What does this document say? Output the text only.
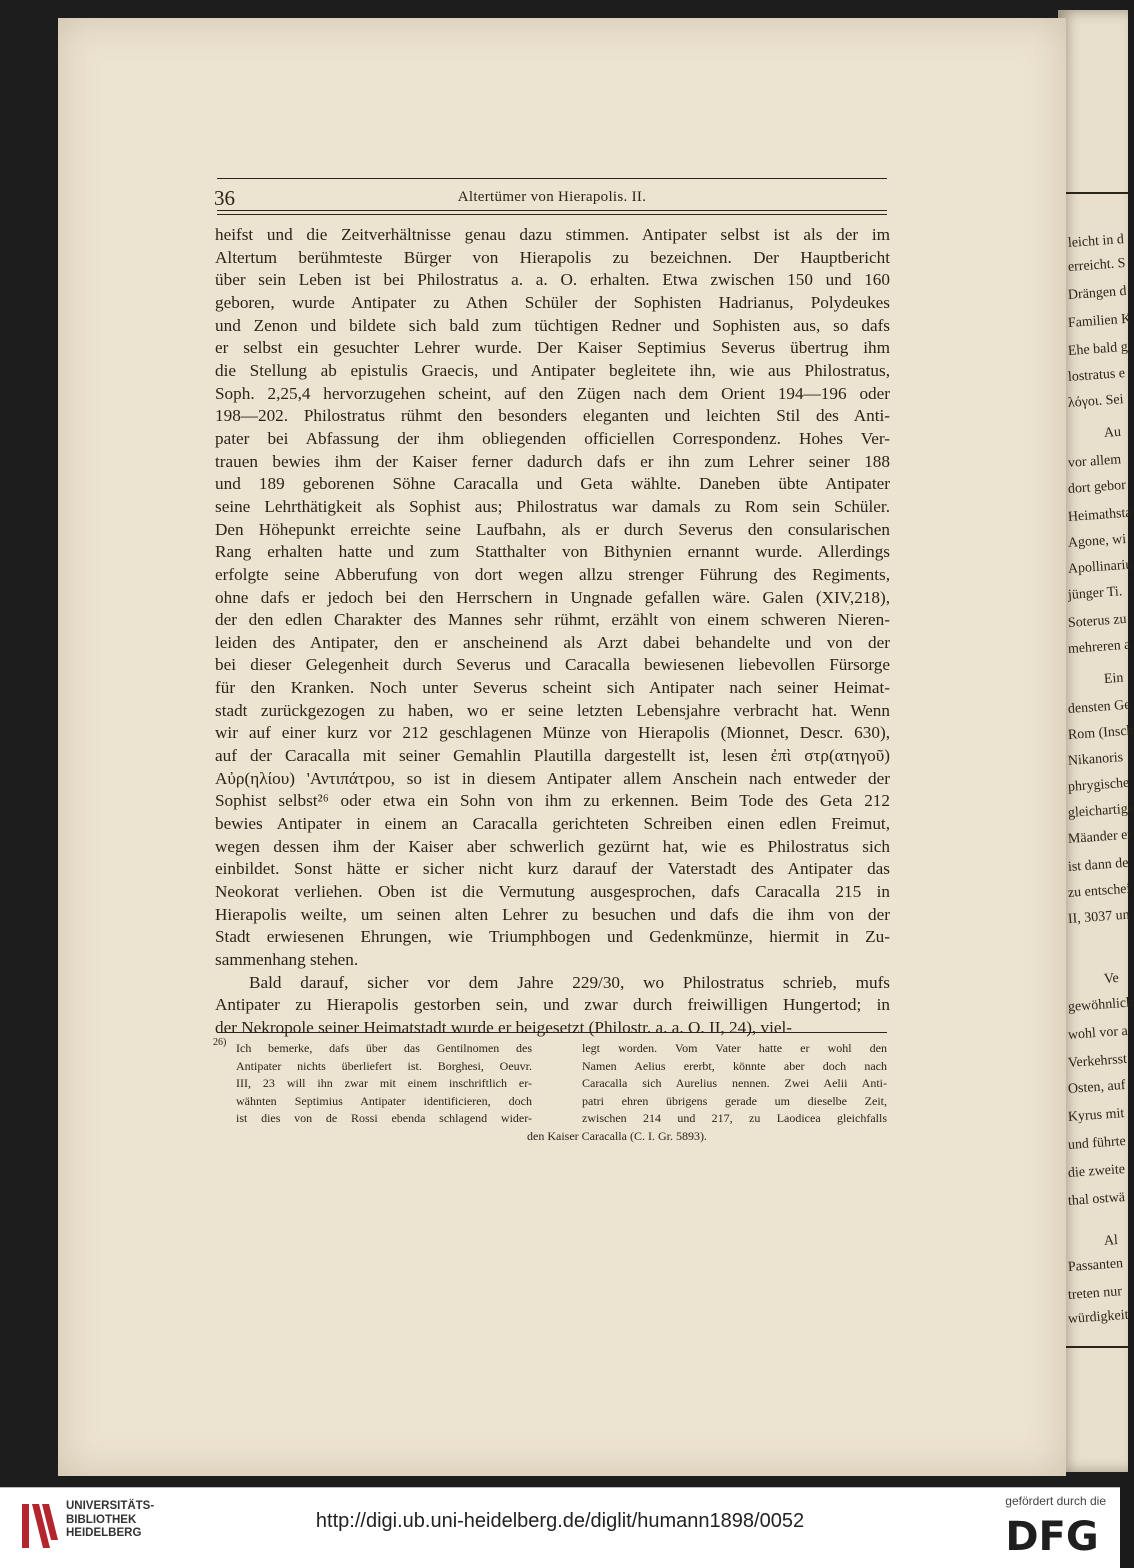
leicht in d
erreicht. S
Drängen d
Familien K
Ehe bald g
lostratus e
λόγοι. Sei
Au
vor allem
dort gebor
Heimathsta
Agone, wi
Apollinariu
jünger Ti.
Soterus zu
mehreren a
Ein
densten Ge
Rom (Insch
Nikanoris
phrygische
gleichartige
Mäander er
ist dann de
zu entschei
II, 3037 un
Ve
gewöhnlich
wohl vor a
Verkehrsst
Osten, auf
Kyrus mit
und führte
die zweite
thal ostwä
Al
Passanten
treten nur
würdigkeit
36	Altertümer von Hierapolis. II.
heifst und die Zeitverhältnisse genau dazu stimmen. Antipater selbst ist als der im
Altertum berühmteste Bürger von Hierapolis zu bezeichnen. Der Hauptbericht
über sein Leben ist bei Philostratus a. a. O. erhalten. Etwa zwischen 150 und 160
geboren, wurde Antipater zu Athen Schüler der Sophisten Hadrianus, Polydeukes
und Zenon und bildete sich bald zum tüchtigen Redner und Sophisten aus, so dafs
er selbst ein gesuchter Lehrer wurde. Der Kaiser Septimius Severus übertrug ihm
die Stellung ab epistulis Graecis, und Antipater begleitete ihn, wie aus Philostratus,
Soph. 2,25,4 hervorzugehen scheint, auf den Zügen nach dem Orient 194—196 oder
198—202. Philostratus rühmt den besonders eleganten und leichten Stil des Anti-
pater bei Abfassung der ihm obliegenden officiellen Correspondenz. Hohes Ver-
trauen bewies ihm der Kaiser ferner dadurch dafs er ihn zum Lehrer seiner 188
und 189 geborenen Söhne Caracalla und Geta wählte. Daneben übte Antipater
seine Lehrthätigkeit als Sophist aus; Philostratus war damals zu Rom sein Schüler.
Den Höhepunkt erreichte seine Laufbahn, als er durch Severus den consularischen
Rang erhalten hatte und zum Statthalter von Bithynien ernannt wurde. Allerdings
erfolgte seine Abberufung von dort wegen allzu strenger Führung des Regiments,
ohne dafs er jedoch bei den Herrschern in Ungnade gefallen wäre. Galen (XIV,218),
der den edlen Charakter des Mannes sehr rühmt, erzählt von einem schweren Nieren-
leiden des Antipater, den er anscheinend als Arzt dabei behandelte und von der
bei dieser Gelegenheit durch Severus und Caracalla bewiesenen liebevollen Fürsorge
für den Kranken. Noch unter Severus scheint sich Antipater nach seiner Heimat-
stadt zurückgezogen zu haben, wo er seine letzten Lebensjahre verbracht hat. Wenn
wir auf einer kurz vor 212 geschlagenen Münze von Hierapolis (Mionnet, Descr. 630),
auf der Caracalla mit seiner Gemahlin Plautilla dargestellt ist, lesen ἐπὶ στρ(ατηγοῦ)
Αὐρ(ηλίου) 'Αντιπάτρου, so ist in diesem Antipater allem Anschein nach entweder der
Sophist selbst²⁶ oder etwa ein Sohn von ihm zu erkennen. Beim Tode des Geta 212
bewies Antipater in einem an Caracalla gerichteten Schreiben einen edlen Freimut,
wegen dessen ihm der Kaiser aber schwerlich gezürnt hat, wie es Philostratus sich
einbildet. Sonst hätte er sicher nicht kurz darauf der Vaterstadt des Antipater das
Neokorat verliehen. Oben ist die Vermutung ausgesprochen, dafs Caracalla 215 in
Hierapolis weilte, um seinen alten Lehrer zu besuchen und dafs die ihm von der
Stadt erwiesenen Ehrungen, wie Triumphbogen und Gedenkmünze, hiermit in Zu-
sammenhang stehen.
Bald darauf, sicher vor dem Jahre 229/30, wo Philostratus schrieb, mufs
Antipater zu Hierapolis gestorben sein, und zwar durch freiwilligen Hungertod; in
der Nekropole seiner Heimatstadt wurde er beigesetzt (Philostr. a. a. O. II, 24), viel-
26) Ich bemerke, dafs über das Gentilnomen des
Antipater nichts überliefert ist. Borghesi, Oeuvr.
III, 23 will ihn zwar mit einem inschriftlich er-
wähnten Septimius Antipater identificieren, doch
ist dies von de Rossi ebenda schlagend wider-
legt worden. Vom Vater hatte er wohl den
Namen Aelius ererbt, könnte aber doch nach
Caracalla sich Aurelius nennen. Zwei Aelii Anti-
patri ehren übrigens gerade um dieselbe Zeit,
zwischen 214 und 217, zu Laodicea gleichfalls
den Kaiser Caracalla (C. I. Gr. 5893).
UNIVERSITÄTS-
BIBLIOTHEK
HEIDELBERG
http://digi.ub.uni-heidelberg.de/diglit/humann1898/0052
gefördert durch die
DFG
